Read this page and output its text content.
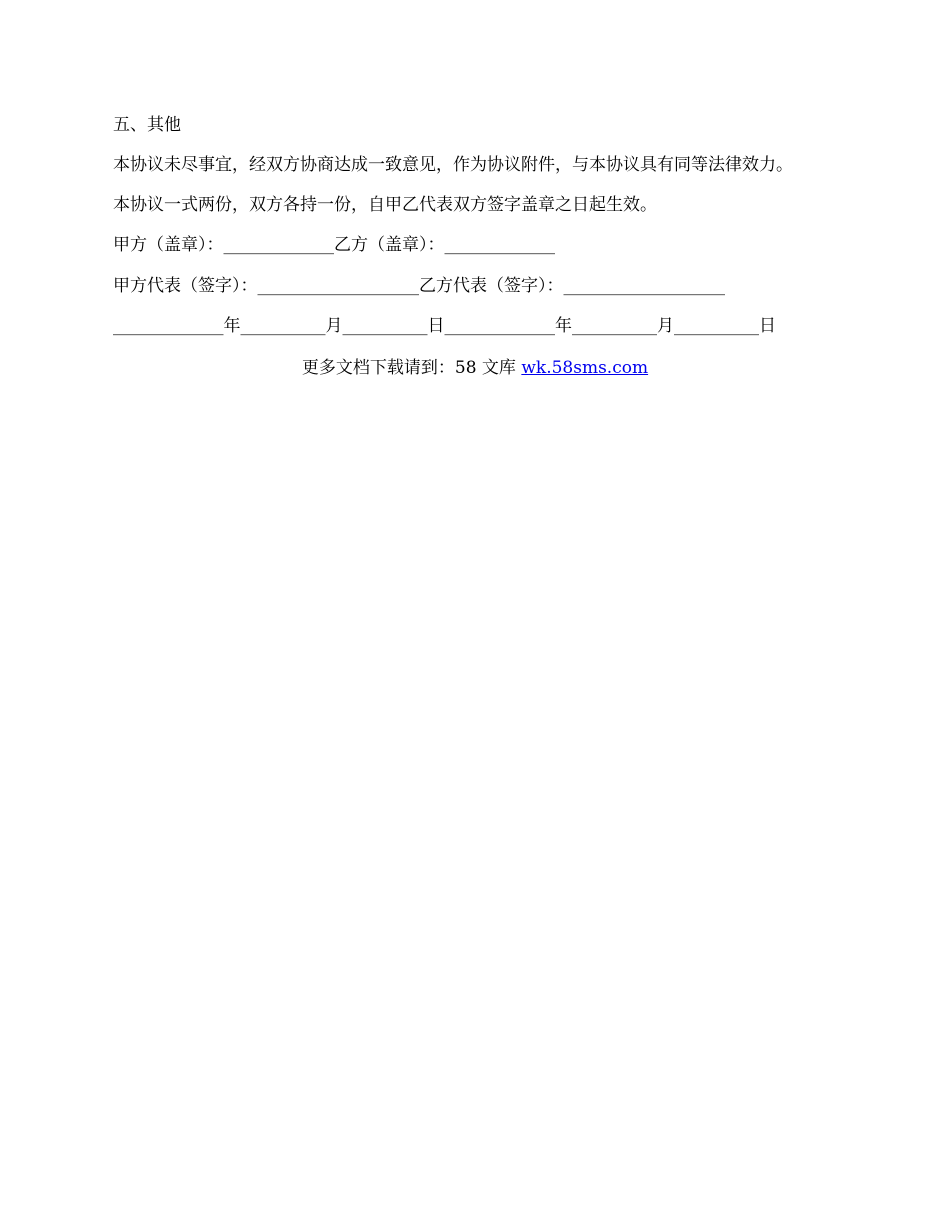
五、其他
本协议未尽事宜，经双方协商达成一致意见，作为协议附件，与本协议具有同等法律效力。
本协议一式两份，双方各持一份，自甲乙代表双方签字盖章之日起生效。
甲方（盖章）：_____________乙方（盖章）：_____________
甲方代表（签字）：___________________乙方代表（签字）：___________________
_____________年__________月__________日_____________年__________月__________日
更多文档下载请到：58 文库 wk.58sms.com
